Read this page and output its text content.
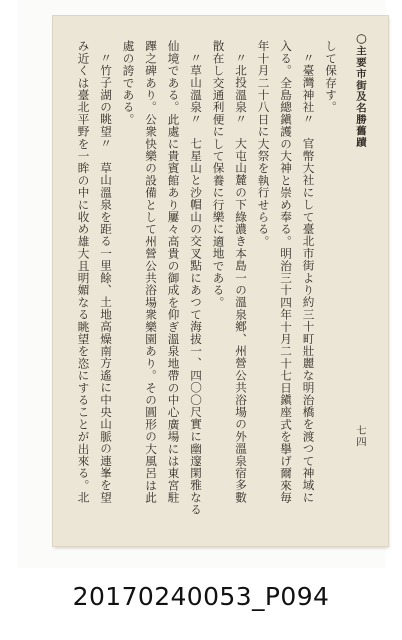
〇主要市街及名勝舊蹟
して保存す。
〃臺灣神社〃　官幣大社にして臺北市街より約三十町壯麗な明治橋を渡つて神域に
入る。全島總鎭護の大神と崇め奉る。明治三十四年十月二十七日鎭座式を擧げ爾來毎
年十月二十八日に大祭を執行せらる。
〃北投溫泉〃　大屯山麓の下綠濃き本島一の溫泉鄕、州營公共浴場の外溫泉宿多數
散在し交通利便にして保養に行樂に適地である。
〃草山溫泉〃　七星山と沙帽山の交叉點にあつて海拔一、四〇〇尺實に幽邃閑雅なる
仙境である。此處に貴賓館あり屢々高貴の御成を仰ぎ溫泉地帶の中心廣場には東宮駐
蹕之碑あり。公衆快樂の設備として州營公共浴場衆樂園あり。その圓形の大風呂は此
處の誇である。
〃竹子湖の眺望〃　草山溫泉を距る一里餘、土地高燥南方遙に中央山脈の連峯を望
み近くは臺北平野を一眸の中に收め雄大且明媚なる眺望を恣にすることが出來る。北	七四
20170240053_P094
